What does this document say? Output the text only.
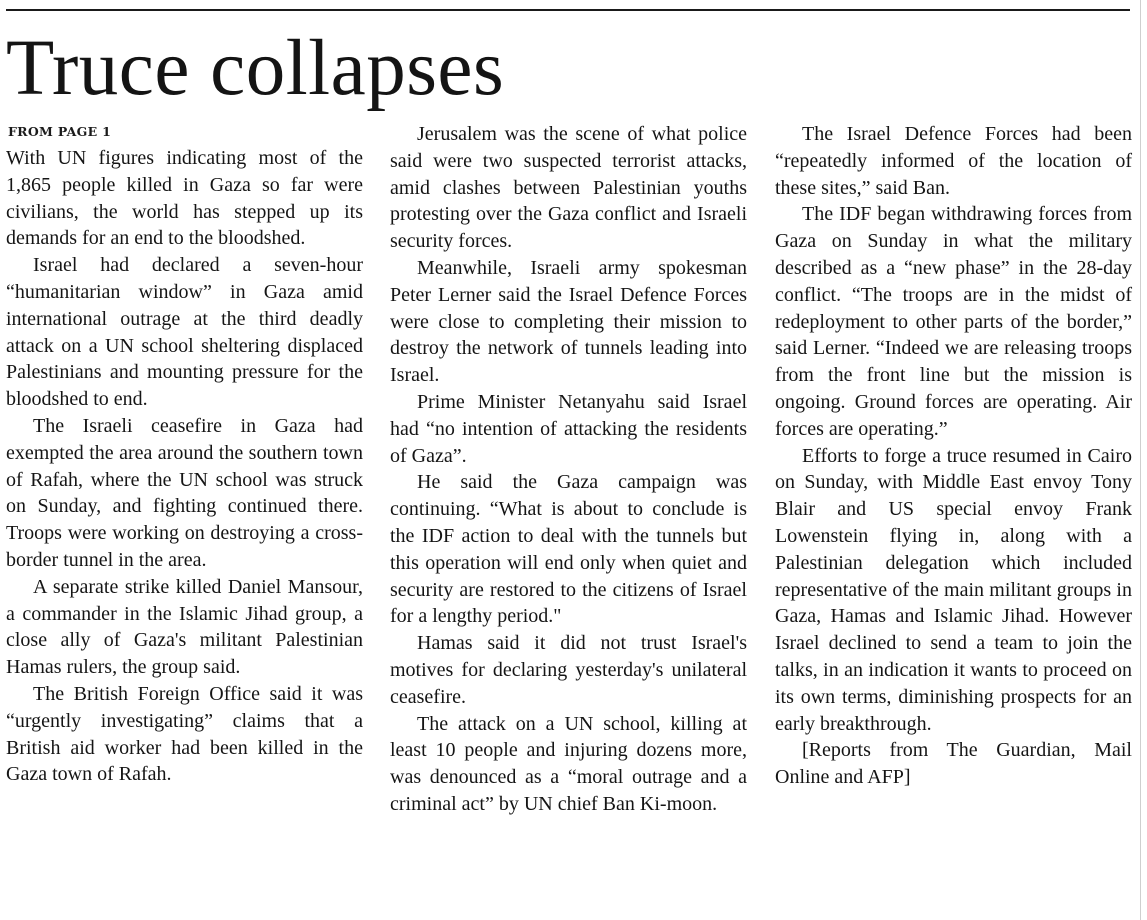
Truce collapses
FROM PAGE 1

With UN figures indicating most of the 1,865 people killed in Gaza so far were civilians, the world has stepped up its demands for an end to the bloodshed.

Israel had declared a seven-hour “humanitarian window” in Gaza amid international outrage at the third deadly attack on a UN school sheltering displaced Palestinians and mounting pressure for the bloodshed to end.

The Israeli ceasefire in Gaza had exempted the area around the southern town of Rafah, where the UN school was struck on Sunday, and fighting continued there. Troops were working on destroying a cross-border tunnel in the area.

A separate strike killed Daniel Mansour, a commander in the Islamic Jihad group, a close ally of Gaza's militant Palestinian Hamas rulers, the group said.

The British Foreign Office said it was “urgently investigating” claims that a British aid worker had been killed in the Gaza town of Rafah.

Jerusalem was the scene of what police said were two suspected terrorist attacks, amid clashes between Palestinian youths protesting over the Gaza conflict and Israeli security forces.

Meanwhile, Israeli army spokesman Peter Lerner said the Israel Defence Forces were close to completing their mission to destroy the network of tunnels leading into Israel.

Prime Minister Netanyahu said Israel had “no intention of attacking the residents of Gaza”.

He said the Gaza campaign was continuing. “What is about to conclude is the IDF action to deal with the tunnels but this operation will end only when quiet and security are restored to the citizens of Israel for a lengthy period."

Hamas said it did not trust Israel's motives for declaring yesterday's unilateral ceasefire.

The attack on a UN school, killing at least 10 people and injuring dozens more, was denounced as a “moral outrage and a criminal act” by UN chief Ban Ki-moon.

The Israel Defence Forces had been “repeatedly informed of the location of these sites,” said Ban.

The IDF began withdrawing forces from Gaza on Sunday in what the military described as a “new phase” in the 28-day conflict. “The troops are in the midst of redeployment to other parts of the border,” said Lerner. “Indeed we are releasing troops from the front line but the mission is ongoing. Ground forces are operating. Air forces are operating.”

Efforts to forge a truce resumed in Cairo on Sunday, with Middle East envoy Tony Blair and US special envoy Frank Lowenstein flying in, along with a Palestinian delegation which included representative of the main militant groups in Gaza, Hamas and Islamic Jihad. However Israel declined to send a team to join the talks, in an indication it wants to proceed on its own terms, diminishing prospects for an early breakthrough.

[Reports from The Guardian, Mail Online and AFP]
